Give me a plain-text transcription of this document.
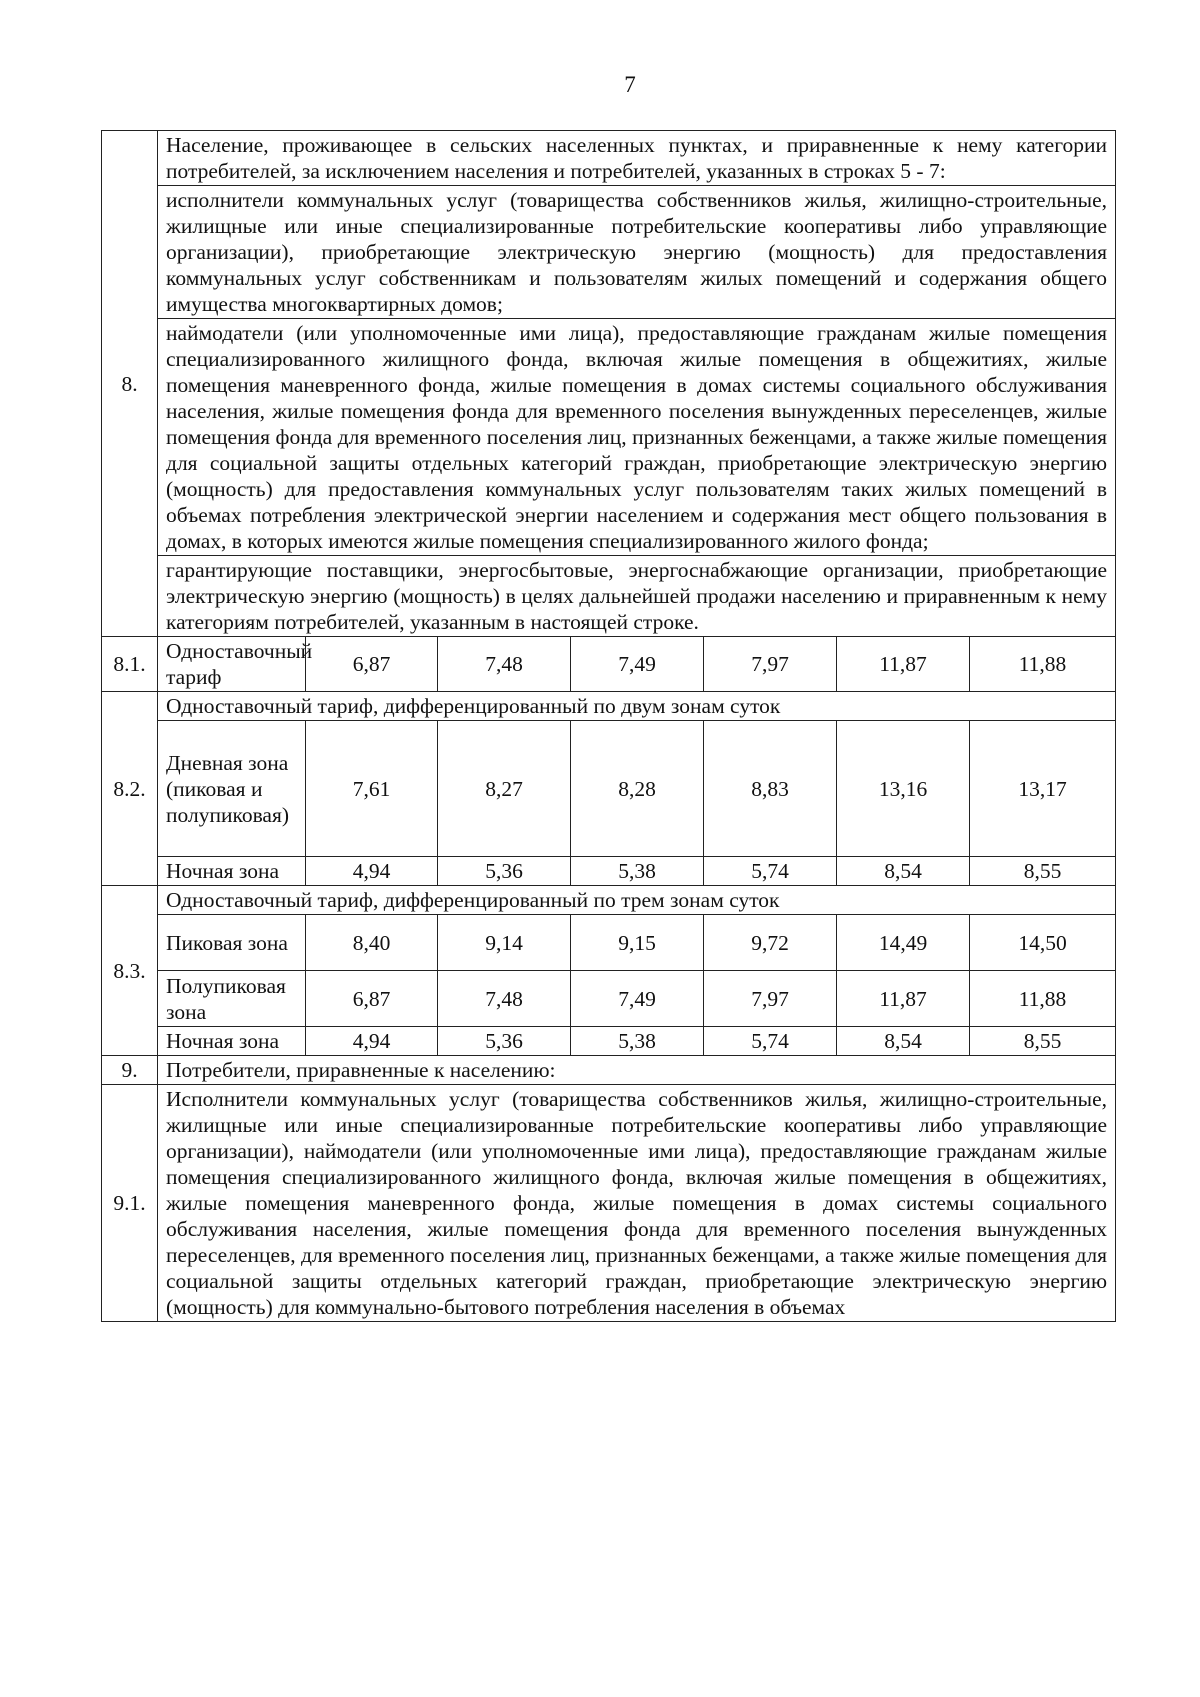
7
8.	Население, проживающее в сельских населенных пунктах, и приравненные к нему категории потребителей, за исключением населения и потребителей, указанных в строках 5 - 7:						
	исполнители коммунальных услуг (товарищества собственников жилья, жилищно-строительные, жилищные или иные специализированные потребительские кооперативы либо управляющие организации), приобретающие электрическую энергию (мощность) для предоставления коммунальных услуг собственникам и пользователям жилых помещений и содержания общего имущества многоквартирных домов;						
	наймодатели (или уполномоченные ими лица), предоставляющие гражданам жилые помещения специализированного жилищного фонда, включая жилые помещения в общежитиях, жилые помещения маневренного фонда, жилые помещения в домах системы социального обслуживания населения, жилые помещения фонда для временного поселения вынужденных переселенцев, жилые помещения фонда для временного поселения лиц, признанных беженцами, а также жилые помещения для социальной защиты отдельных категорий граждан, приобретающие электрическую энергию (мощность) для предоставления коммунальных услуг пользователям таких жилых помещений в объемах потребления электрической энергии населением и содержания мест общего пользования в домах, в которых имеются жилые помещения специализированного жилого фонда;						
	гарантирующие поставщики, энергосбытовые, энергоснабжающие организации, приобретающие электрическую энергию (мощность) в целях дальнейшей продажи населению и приравненным к нему категориям потребителей, указанным в настоящей строке.						
8.1.	Одноставочный тариф	6,87	7,48	7,49	7,97	11,87	11,88
8.2.	Одноставочный тариф, дифференцированный по двум зонам суток						
	Дневная зона (пиковая и полупиковая)	7,61	8,27	8,28	8,83	13,16	13,17
	Ночная зона	4,94	5,36	5,38	5,74	8,54	8,55
8.3.	Одноставочный тариф, дифференцированный по трем зонам суток						
	Пиковая зона	8,40	9,14	9,15	9,72	14,49	14,50
	Полупиковая зона	6,87	7,48	7,49	7,97	11,87	11,88
	Ночная зона	4,94	5,36	5,38	5,74	8,54	8,55
9.	Потребители, приравненные к населению:						
9.1.	Исполнители коммунальных услуг (товарищества собственников жилья, жилищно-строительные, жилищные или иные специализированные потребительские кооперативы либо управляющие организации), наймодатели (или уполномоченные ими лица), предоставляющие гражданам жилые помещения специализированного жилищного фонда, включая жилые помещения в общежитиях, жилые помещения маневренного фонда, жилые помещения в домах системы социального обслуживания населения, жилые помещения фонда для временного поселения вынужденных переселенцев, для временного поселения лиц, признанных беженцами, а также жилые помещения для социальной защиты отдельных категорий граждан, приобретающие электрическую энергию (мощность) для коммунально-бытового потребления населения в объемах						
